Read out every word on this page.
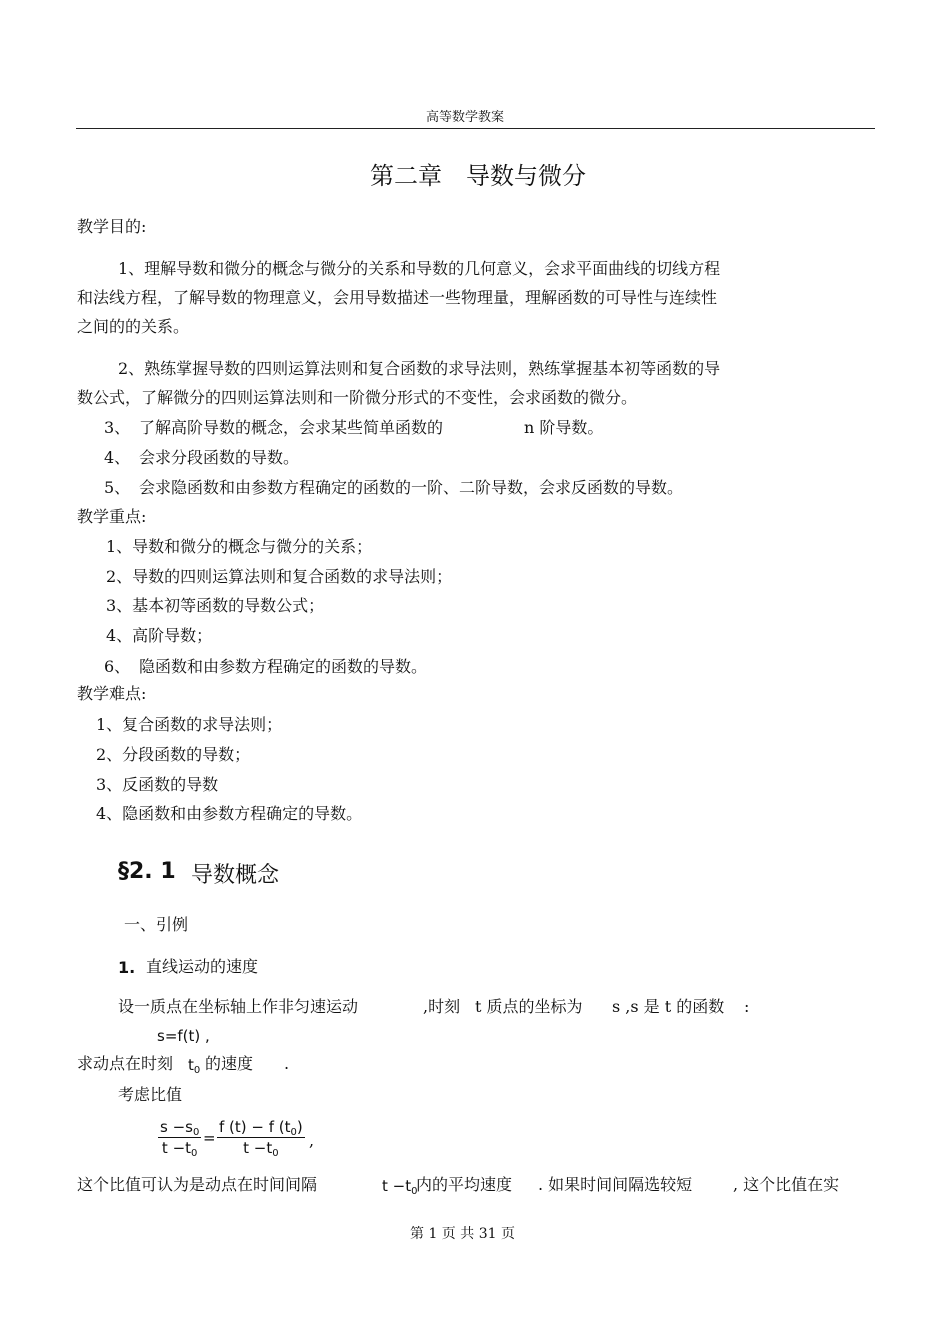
高等数学教案
第二章　导数与微分
教学目的:
1、理解导数和微分的概念与微分的关系和导数的几何意义，会求平面曲线的切线方程
和法线方程，了解导数的物理意义，会用导数描述一些物理量，理解函数的可导性与连续性
之间的的关系。
2、熟练掌握导数的四则运算法则和复合函数的求导法则，熟练掌握基本初等函数的导
数公式，了解微分的四则运算法则和一阶微分形式的不变性，会求函数的微分。
3、 了解高阶导数的概念，会求某些简单函数的	n 阶导数。
4、 会求分段函数的导数。
5、 会求隐函数和由参数方程确定的函数的一阶、二阶导数，会求反函数的导数。
教学重点:
1、导数和微分的概念与微分的关系；
2、导数的四则运算法则和复合函数的求导法则；
3、基本初等函数的导数公式；
4、高阶导数；
6、 隐函数和由参数方程确定的函数的导数。
教学难点:
1、复合函数的求导法则；
2、分段函数的导数；
3、反函数的导数
4、隐函数和由参数方程确定的导数。
§2. 1 导数概念
一、引例
1. 直线运动的速度
设一质点在坐标轴上作非匀速运动	,时刻 t 质点的坐标为 s ,s 是 t 的函数 :
s=f(t) ,
求动点在时刻 $t_0$ 的速度 .
考虑比值
$s -s_0$
$t -t_0$
=
f (t) − f $(t_0)$
$t -t_0$
,
这个比值可认为是动点在时间间隔	$t -t_0$
内的平均速度 . 如果时间间隔选较短	, 这个比值在实
第 1 页 共 31 页
